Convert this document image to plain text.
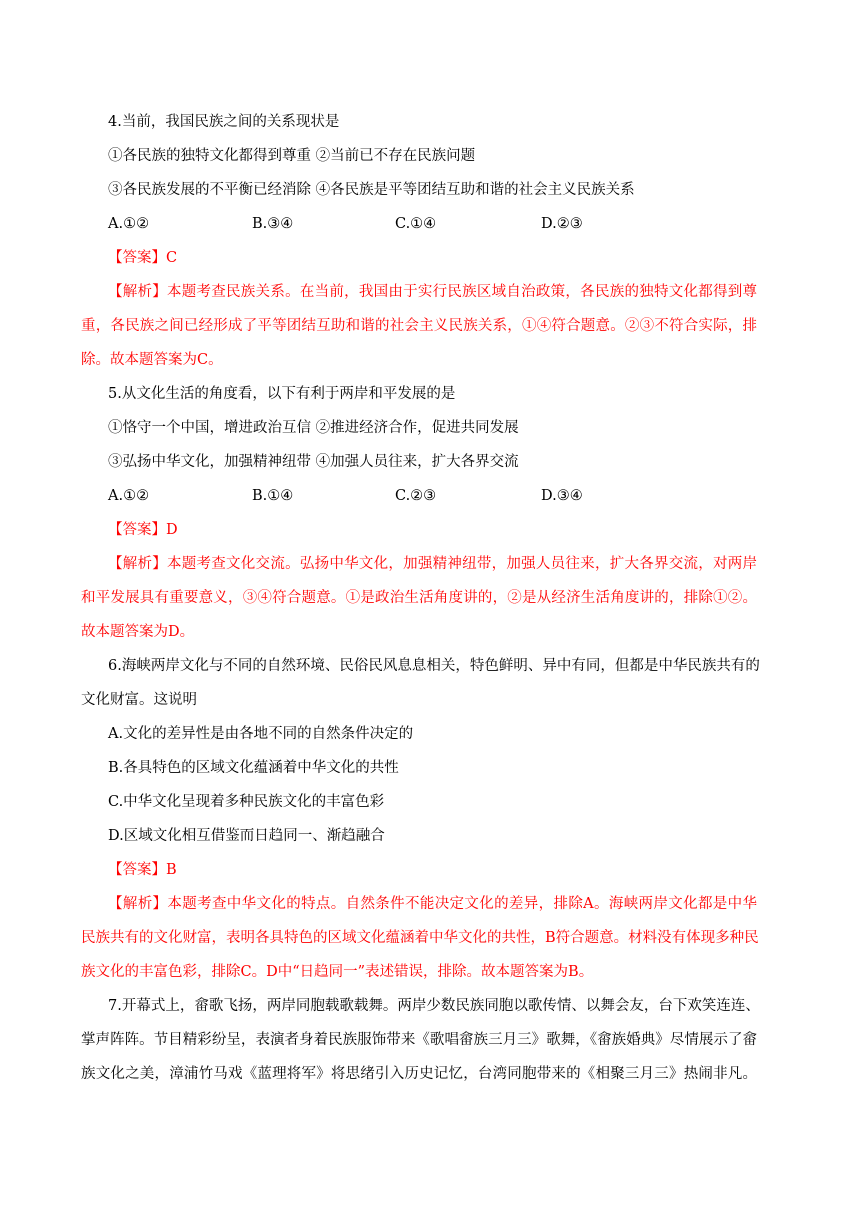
4.当前，我国民族之间的关系现状是
①各民族的独特文化都得到尊重 ②当前已不存在民族问题
③各民族发展的不平衡已经消除 ④各民族是平等团结互助和谐的社会主义民族关系
A.①②	B.③④	C.①④	D.②③
【答案】C
【解析】本题考查民族关系。在当前，我国由于实行民族区域自治政策，各民族的独特文化都得到尊
重，各民族之间已经形成了平等团结互助和谐的社会主义民族关系，①④符合题意。②③不符合实际，排
除。故本题答案为C。
5.从文化生活的角度看，以下有利于两岸和平发展的是
①恪守一个中国，增进政治互信 ②推进经济合作，促进共同发展
③弘扬中华文化，加强精神纽带 ④加强人员往来，扩大各界交流
A.①②	B.①④	C.②③	D.③④
【答案】D
【解析】本题考查文化交流。弘扬中华文化，加强精神纽带，加强人员往来，扩大各界交流，对两岸
和平发展具有重要意义，③④符合题意。①是政治生活角度讲的，②是从经济生活角度讲的，排除①②。
故本题答案为D。
6.海峡两岸文化与不同的自然环境、民俗民风息息相关，特色鲜明、异中有同，但都是中华民族共有的
文化财富。这说明
A.文化的差异性是由各地不同的自然条件决定的
B.各具特色的区域文化蕴涵着中华文化的共性
C.中华文化呈现着多种民族文化的丰富色彩
D.区域文化相互借鉴而日趋同一、渐趋融合
【答案】B
【解析】本题考查中华文化的特点。自然条件不能决定文化的差异，排除A。海峡两岸文化都是中华
民族共有的文化财富，表明各具特色的区域文化蕴涵着中华文化的共性，B符合题意。材料没有体现多种民
族文化的丰富色彩，排除C。D中“日趋同一”表述错误，排除。故本题答案为B。
7.开幕式上，畲歌飞扬，两岸同胞载歌载舞。两岸少数民族同胞以歌传情、以舞会友，台下欢笑连连、
掌声阵阵。节目精彩纷呈，表演者身着民族服饰带来《歌唱畲族三月三》歌舞，《畲族婚典》尽情展示了畲
族文化之美，漳浦竹马戏《蓝理将军》将思绪引入历史记忆，台湾同胞带来的《相聚三月三》热闹非凡。
